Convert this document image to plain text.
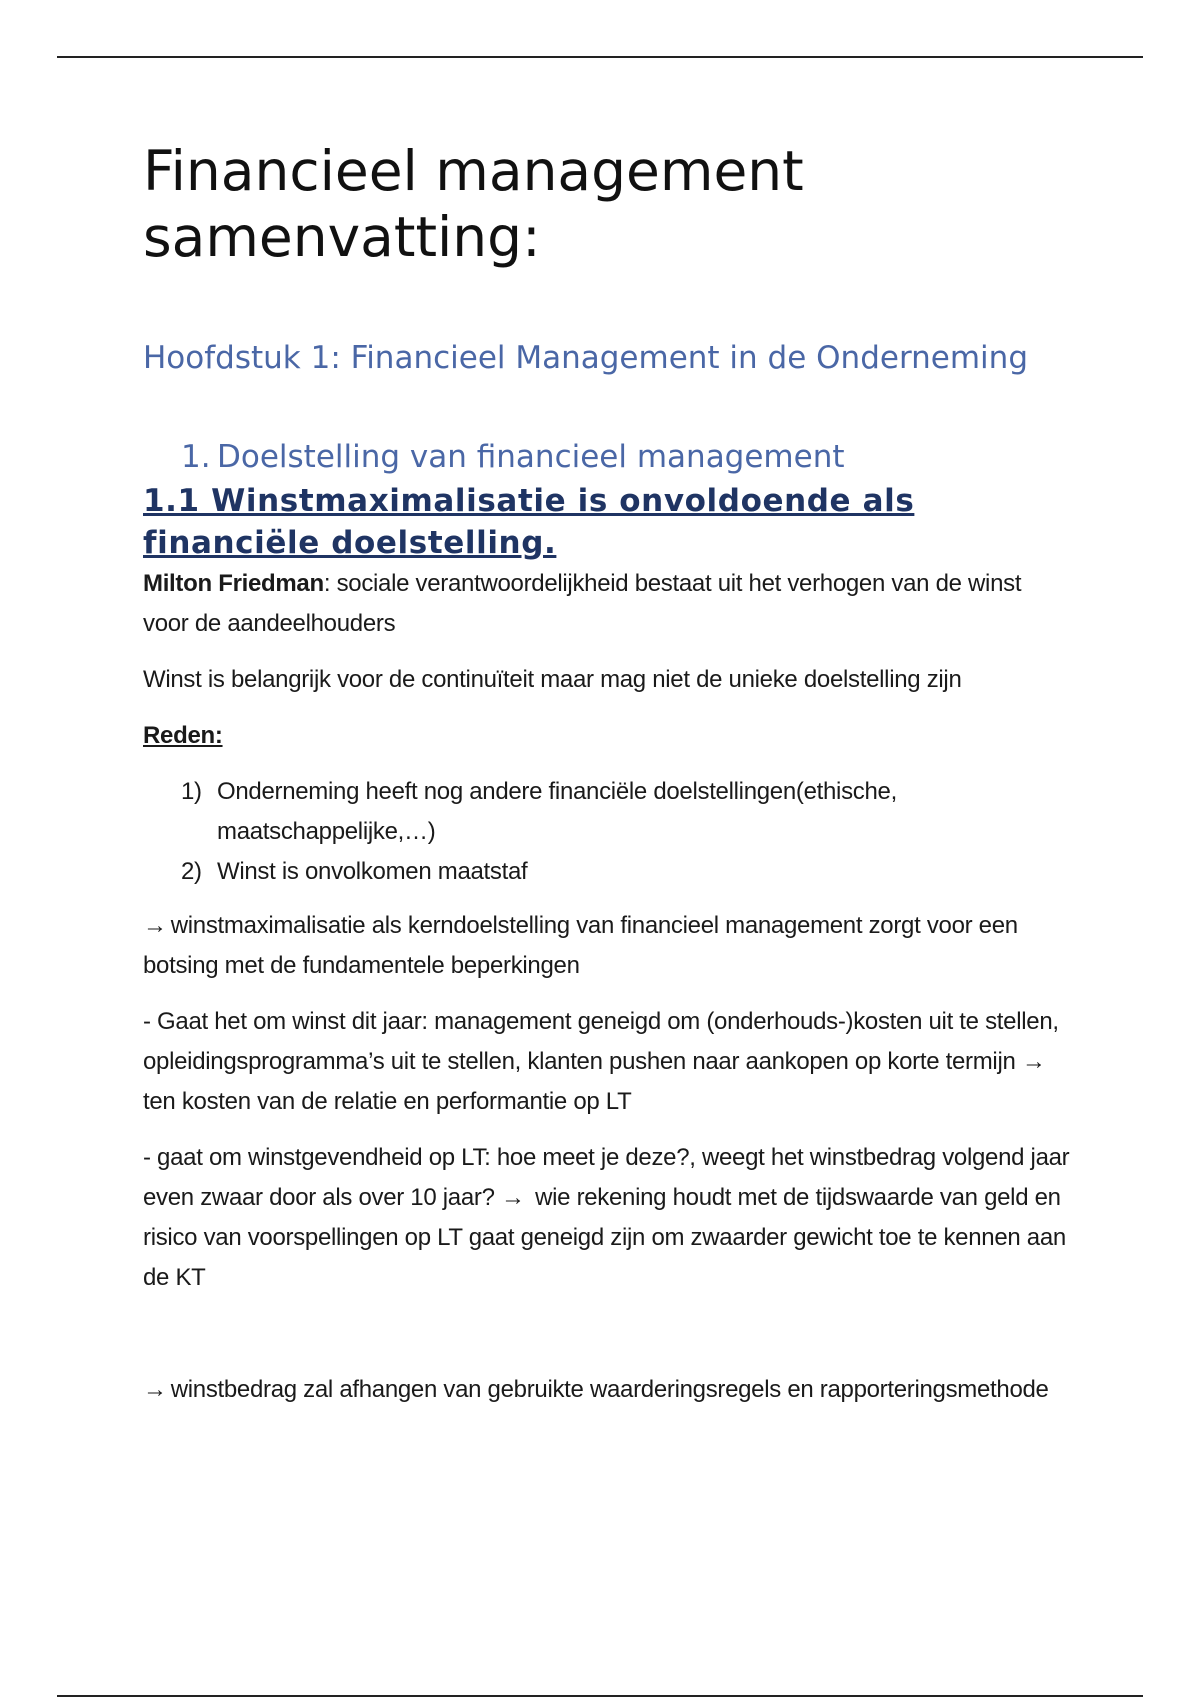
Financieel management samenvatting:
Hoofdstuk 1: Financieel Management in de Onderneming
1. Doelstelling van financieel management
1.1 Winstmaximalisatie is onvoldoende als financiële doelstelling.

Milton Friedman: sociale verantwoordelijkheid bestaat uit het verhogen van de winst voor de aandeelhouders

Winst is belangrijk voor de continuïteit maar mag niet de unieke doelstelling zijn

Reden:

1) Onderneming heeft nog andere financiële doelstellingen(ethische, maatschappelijke,…)
2) Winst is onvolkomen maatstaf

→ winstmaximalisatie als kerndoelstelling van financieel management zorgt voor een botsing met de fundamentele beperkingen

- Gaat het om winst dit jaar: management geneigd om (onderhouds-)kosten uit te stellen, opleidingsprogramma’s uit te stellen, klanten pushen naar aankopen op korte termijn → ten kosten van de relatie en performantie op LT

- gaat om winstgevendheid op LT: hoe meet je deze?, weegt het winstbedrag volgend jaar even zwaar door als over 10 jaar? → wie rekening houdt met de tijdswaarde van geld en risico van voorspellingen op LT gaat geneigd zijn om zwaarder gewicht toe te kennen aan de KT

→ winstbedrag zal afhangen van gebruikte waarderingsregels en rapporteringsmethode
